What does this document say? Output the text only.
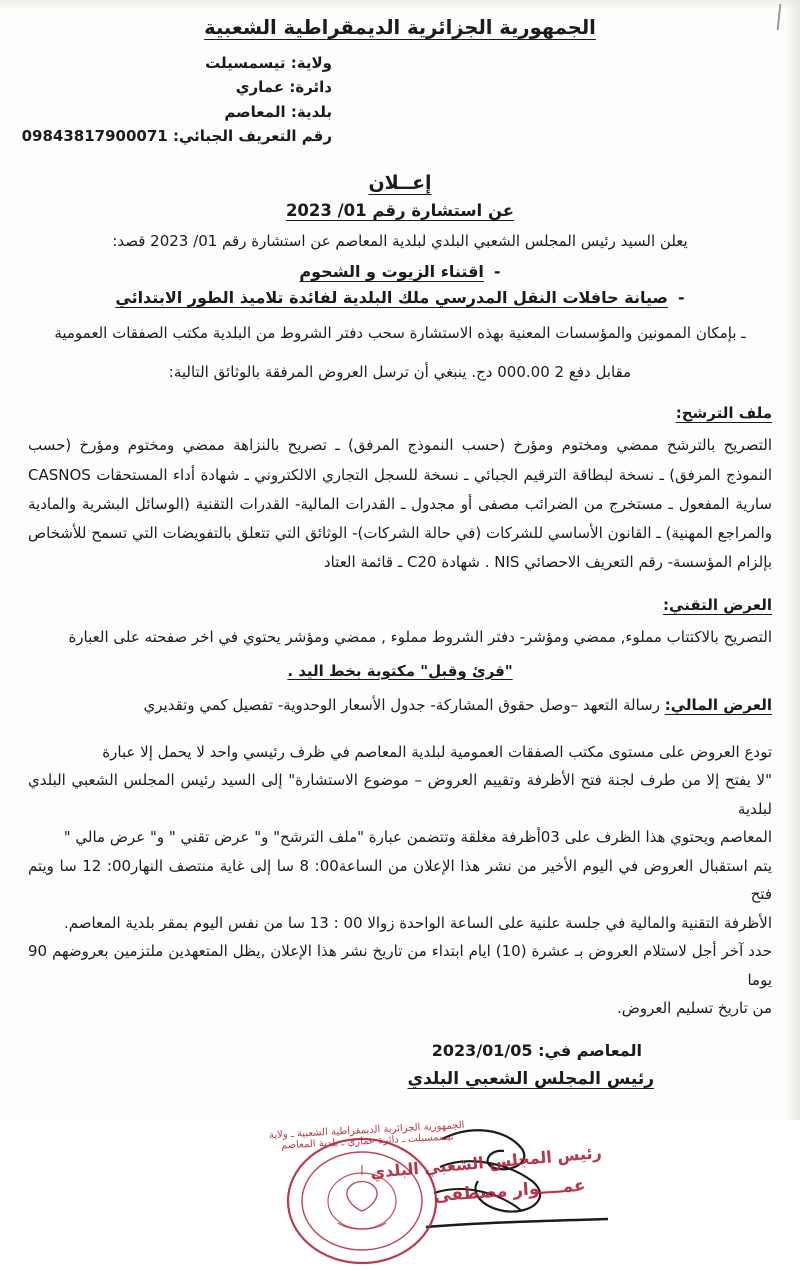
الجمهورية الجزائرية الديمقراطية الشعبية
ولاية: تيسمسيلت
دائرة: عماري
بلدية: المعاصم
رقم التعريف الجبائي: 09843817900071
إعــلان
عن استشارة رقم 01/ 2023
يعلن السيد رئيس المجلس الشعبي البلدي لبلدية المعاصم عن استشارة رقم 01/ 2023 قصد:
-اقتناء الزيوت و الشحوم
-صيانة حافلات النقل المدرسي ملك البلدية لفائدة تلاميذ الطور الابتدائي
ـ بإمكان الممونين والمؤسسات المعنية بهذه الاستشارة سحب دفتر الشروط من البلدية مكتب الصفقات العمومية
مقابل دفع 2 000.00 دج. ينبغي أن ترسل العروض المرفقة بالوثائق التالية:
ملف الترشح:
التصريح بالترشح ممضي ومختوم ومؤرخ (حسب النموذج المرفق) ـ تصريح بالنزاهة ممضي ومختوم ومؤرخ (حسب النموذج المرفق) ـ نسخة لبطاقة الترقيم الجبائي ـ نسخة للسجل التجاري الالكتروني ـ شهادة أداء المستحقات CASNOS سارية المفعول ـ مستخرج من الضرائب مصفى أو مجدول ـ القدرات المالية- القدرات التقنية (الوسائل البشرية والمادية والمراجع المهنية) ـ القانون الأساسي للشركات (في حالة الشركات)- الوثائق التي تتعلق بالتفويضات التي تسمح للأشخاص بإلزام المؤسسة- رقم التعريف الاحصائي NIS . شهادة C20 ـ قائمة العتاد
العرض التقني:
التصريح بالاكتتاب مملوء, ممضي ومؤشر- دفتر الشروط مملوء , ممضي ومؤشر يحتوي في اخر صفحته على العبارة
"قرئ وقبل" مكتوبة بخط اليد .
العرض المالي: رسالة التعهد –وصل حقوق المشاركة- جدول الأسعار الوحدوية- تفصيل كمي وتقديري
تودع العروض على مستوى مكتب الصفقات العمومية لبلدية المعاصم في ظرف رئيسي واحد لا يحمل إلا عبارة
"لا يفتح إلا من طرف لجنة فتح الأظرفة وتقييم العروض – موضوع الاستشارة" إلى السيد رئيس المجلس الشعبي البلدي لبلدية
المعاصم ويحتوي هذا الظرف على 03أظرفة مغلقة وتتضمن عبارة "ملف الترشح" و" عرض تقني " و" عرض مالي "
يتم استقبال العروض في اليوم الأخير من نشر هذا الإعلان من الساعة00: 8 سا إلى غاية منتصف النهار00: 12 سا ويتم فتح
الأظرفة التقنية والمالية في جلسة علنية على الساعة الواحدة زوالا 00 : 13 سا من نفس اليوم بمقر بلدية المعاصم.
حدد آخر أجل لاستلام العروض بـ عشرة (10) ايام ابتداء من تاريخ نشر هذا الإعلان ,يظل المتعهدين ملتزمين بعروضهم 90 يوما
من تاريخ تسليم العروض.
المعاصم في: 2023/01/05
رئيس المجلس الشعبي البلدي
الجمهورية الجزائرية الديمقراطية الشعبية ـ ولاية تيسمسيلت ـ دائرة عماري ـ بلدية المعاصم
رئيس المجلس الشعبي البلدي
عمــــوار مصطفى
